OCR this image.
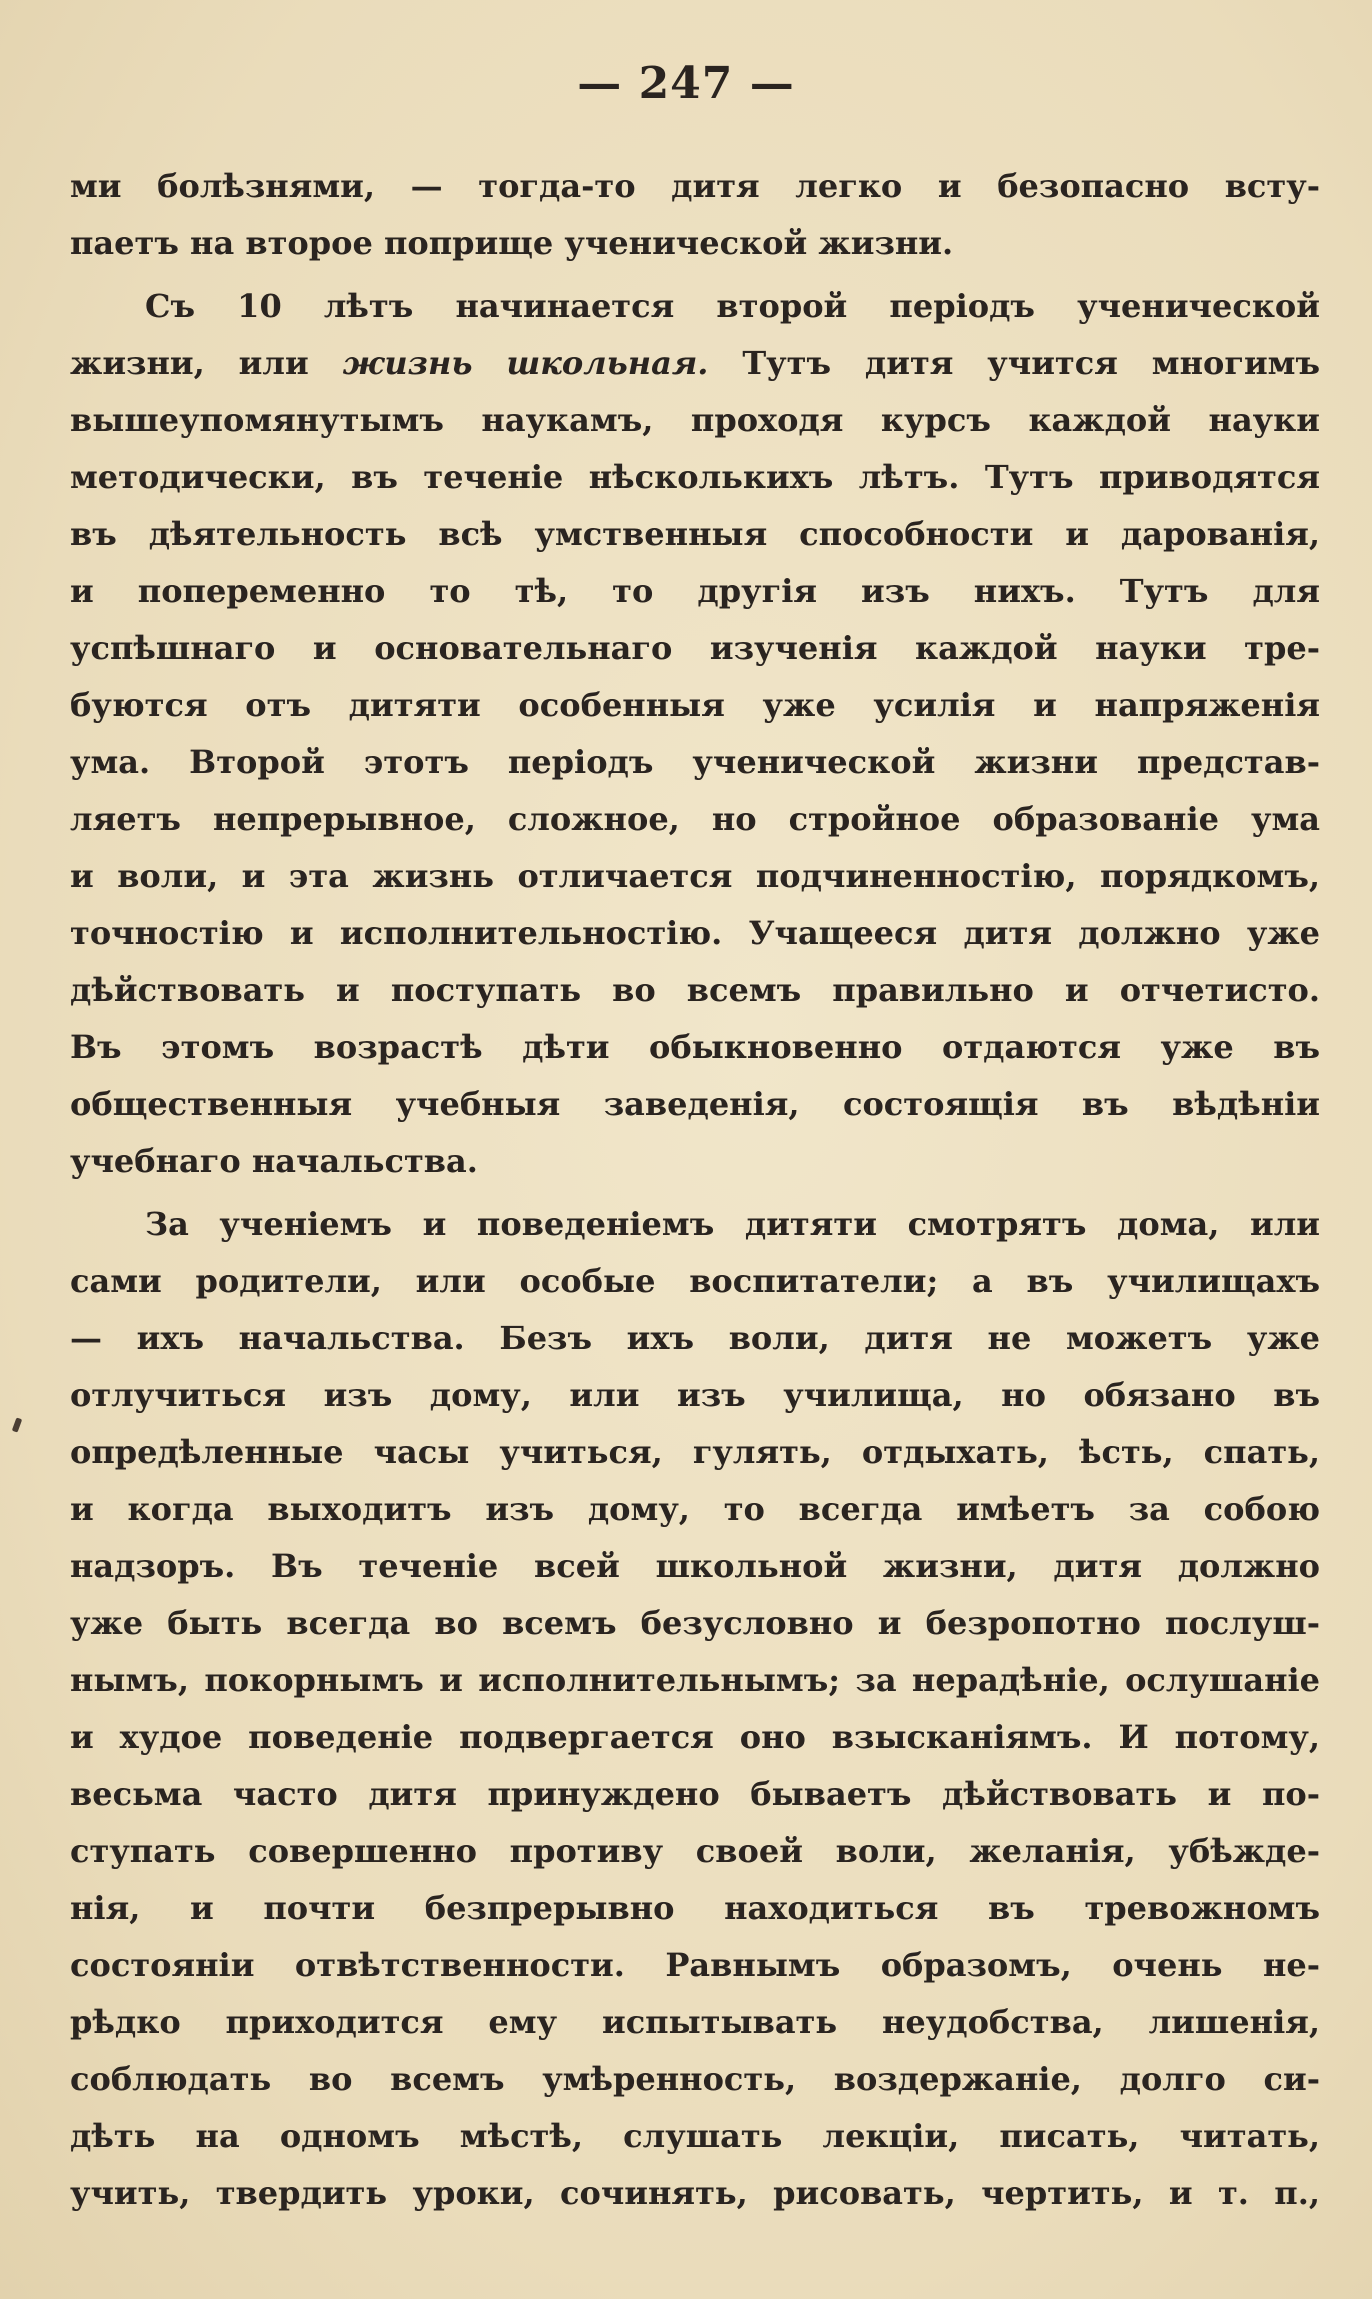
— 247 —
ми болѣзнями, — тогда-то дитя легко и безопасно всту-
паетъ на второе поприще ученической жизни.
Съ 10 лѣтъ начинается второй періодъ ученической
жизни, или жизнь школьная. Тутъ дитя учится многимъ
вышеупомянутымъ наукамъ, проходя курсъ каждой науки
методически, въ теченіе нѣсколькихъ лѣтъ. Тутъ приводятся
въ дѣятельность всѣ умственныя способности и дарованія,
и попеременно то тѣ, то другія изъ нихъ. Тутъ для
успѣшнаго и основательнаго изученія каждой науки тре-
буются отъ дитяти особенныя уже усилія и напряженія
ума. Второй этотъ періодъ ученической жизни представ-
ляетъ непрерывное, сложное, но стройное образованіе ума
и воли, и эта жизнь отличается подчиненностію, порядкомъ,
точностію и исполнительностію. Учащееся дитя должно уже
дѣйствовать и поступать во всемъ правильно и отчетисто.
Въ этомъ возрастѣ дѣти обыкновенно отдаются уже въ
общественныя учебныя заведенія, состоящія въ вѣдѣніи
учебнаго начальства.
За ученіемъ и поведеніемъ дитяти смотрятъ дома, или
сами родители, или особые воспитатели; а въ училищахъ
— ихъ начальства. Безъ ихъ воли, дитя не можетъ уже
отлучиться изъ дому, или изъ училища, но обязано въ
опредѣленные часы учиться, гулять, отдыхать, ѣсть, спать,
и когда выходитъ изъ дому, то всегда имѣетъ за собою
надзоръ. Въ теченіе всей школьной жизни, дитя должно
уже быть всегда во всемъ безусловно и безропотно послуш-
нымъ, покорнымъ и исполнительнымъ; за нерадѣніе, ослушаніе
и худое поведеніе подвергается оно взысканіямъ. И потому,
весьма часто дитя принуждено бываетъ дѣйствовать и по-
ступать совершенно противу своей воли, желанія, убѣжде-
нія, и почти безпрерывно находиться въ тревожномъ
состояніи отвѣтственности. Равнымъ образомъ, очень не-
рѣдко приходится ему испытывать неудобства, лишенія,
соблюдать во всемъ умѣренность, воздержаніе, долго си-
дѣть на одномъ мѣстѣ, слушать лекціи, писать, читать,
учить, твердить уроки, сочинять, рисовать, чертить, и т. п.,
